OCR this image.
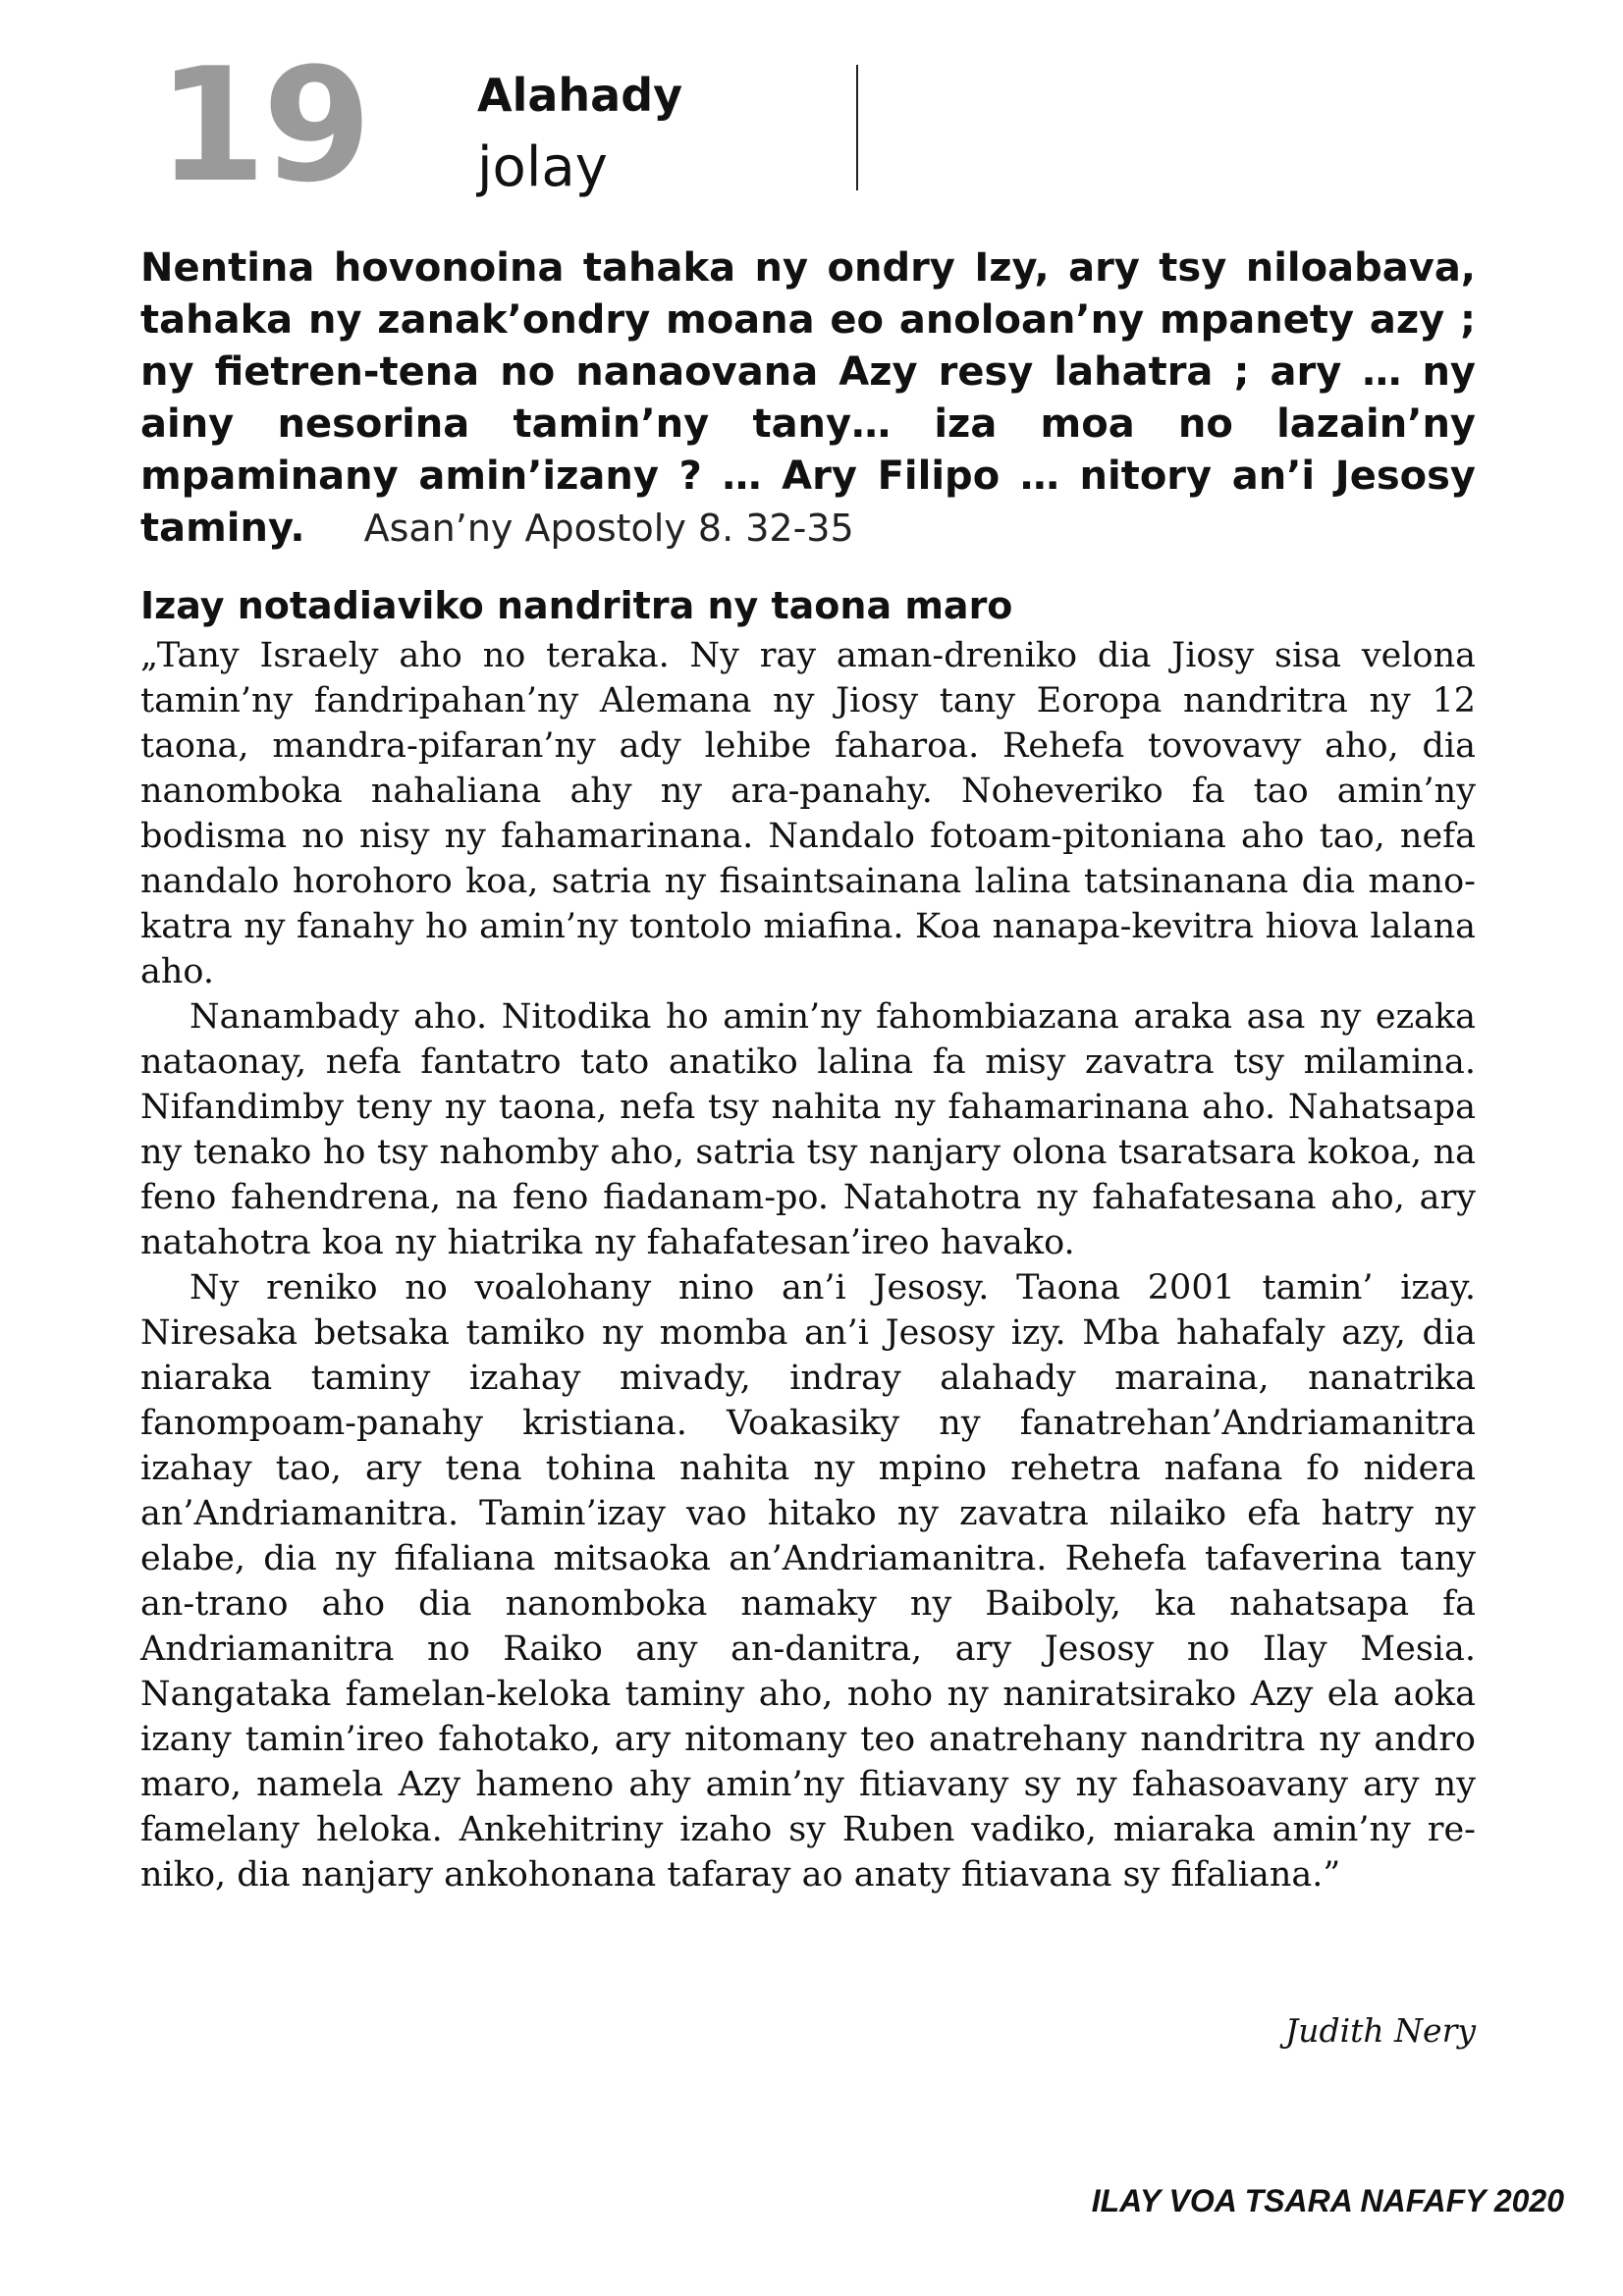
19 Alahady
jolay
Nentina hovonoina tahaka ny ondry Izy, ary tsy niloabava, tahaka ny zanak’ondry moana eo anoloan’ny mpanety azy ; ny fietren-tena no nanaovana Azy resy lahatra ; ary … ny ainy nesorina tamin’ny tany… iza moa no lazain’ny mpaminany amin’izany ? … Ary Filipo … nitory an’i Jesosy taminy. Asan’ny Apostoly 8. 32-35
Izay notadiaviko nandritra ny taona maro

„Tany Israely aho no teraka. Ny ray aman-dreniko dia Jiosy sisa velona tamin’ny fandripahan’ny Alemana ny Jiosy tany Eoropa nandritra ny 12 taona, mandra-pifaran’ny ady lehibe faharoa. Rehefa tovovavy aho, dia nanomboka nahaliana ahy ny ara-panahy. Noheveriko fa tao amin’ny bodisma no nisy ny fahamarinana. Nandalo fotoam-pitoniana aho tao, nefa nandalo horohoro koa, satria ny fisaintsainana lalina tatsinanana dia manokatra ny fanahy ho amin’ny tontolo miafina. Koa nanapa-kevitra hiova lalana aho.

Nanambady aho. Nitodika ho amin’ny fahombiazana araka asa ny ezaka nataonay, nefa fantatro tato anatiko lalina fa misy zavatra tsy milamina. Nifandimby teny ny taona, nefa tsy nahita ny fahamarinana aho. Nahatsapa ny tenako ho tsy nahomby aho, satria tsy nanjary olona tsaratsara kokoa, na feno fahendrena, na feno fiadanam-po. Natahotra ny fahafatesana aho, ary natahotra koa ny hiatrika ny fahafatesan’ireo havako.

Ny reniko no voalohany nino an’i Jesosy. Taona 2001 tamin’ izay. Niresaka betsaka tamiko ny momba an’i Jesosy izy. Mba hahafaly azy, dia niaraka taminy izahay mivady, indray alahady maraina, nanatrika fanompoam-panahy kristiana. Voakasiky ny fanatrehan’Andriamanitra izahay tao, ary tena tohina nahita ny mpino rehetra nafana fo nidera an’Andriamanitra. Tamin’izay vao hitako ny zavatra nilaiko efa hatry ny elabe, dia ny fifaliana mitsaoka an’Andriamanitra. Rehefa tafaverina tany an-trano aho dia nanomboka namaky ny Baiboly, ka nahatsapa fa Andriamanitra no Raiko any an-danitra, ary Jesosy no Ilay Mesia. Nangataka famelan-keloka taminy aho, noho ny naniratsirako Azy ela aoka izany tamin’ireo fahotako, ary nitomany teo anatrehany nandritra ny andro maro, namela Azy hameno ahy amin’ny fitiavany sy ny fahasoavany ary ny famelany heloka. Ankehitriny izaho sy Ruben vadiko, miaraka amin’ny reniko, dia nanjary ankohonana tafaray ao anaty fitiavana sy fifaliana.”

Judith Nery
ILAY VOA TSARA NAFAFY 2020
